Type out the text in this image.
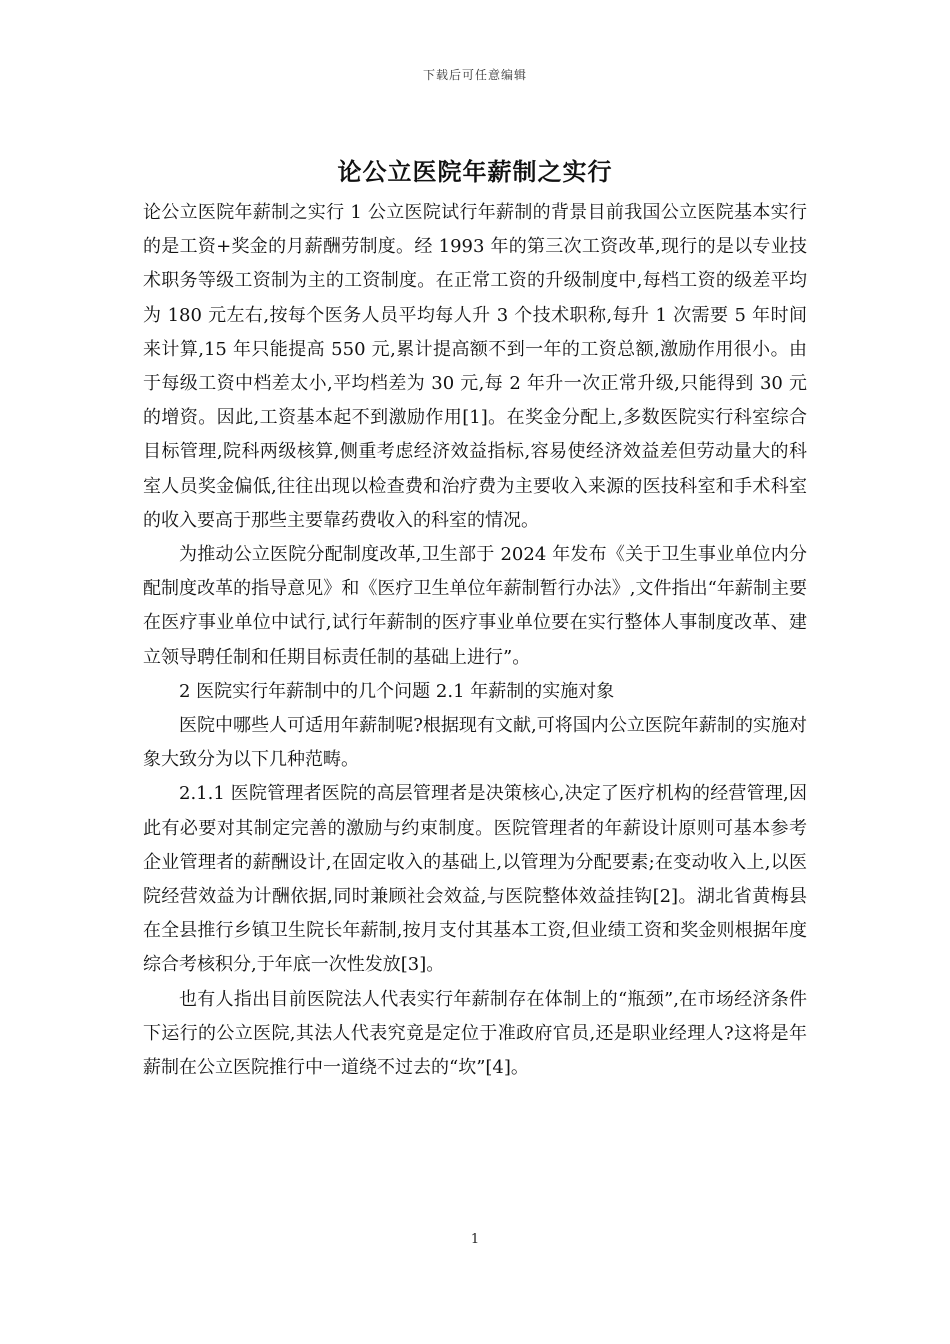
下载后可任意编辑
论公立医院年薪制之实行

论公立医院年薪制之实行 1 公立医院试行年薪制的背景目前我国公立医院基本实行的是工资+奖金的月薪酬劳制度。经 1993 年的第三次工资改革,现行的是以专业技术职务等级工资制为主的工资制度。在正常工资的升级制度中,每档工资的级差平均为 180 元左右,按每个医务人员平均每人升 3 个技术职称,每升 1 次需要 5 年时间来计算,15 年只能提高 550 元,累计提高额不到一年的工资总额,激励作用很小。由于每级工资中档差太小,平均档差为 30 元,每 2 年升一次正常升级,只能得到 30 元的增资。因此,工资基本起不到激励作用[1]。在奖金分配上,多数医院实行科室综合目标管理,院科两级核算,侧重考虑经济效益指标,容易使经济效益差但劳动量大的科室人员奖金偏低,往往出现以检查费和治疗费为主要收入来源的医技科室和手术科室的收入要高于那些主要靠药费收入的科室的情况。

为推动公立医院分配制度改革,卫生部于 2024 年发布《关于卫生事业单位内分配制度改革的指导意见》和《医疗卫生单位年薪制暂行办法》,文件指出“年薪制主要在医疗事业单位中试行,试行年薪制的医疗事业单位要在实行整体人事制度改革、建立领导聘任制和任期目标责任制的基础上进行”。

2 医院实行年薪制中的几个问题 2.1 年薪制的实施对象

医院中哪些人可适用年薪制呢?根据现有文献,可将国内公立医院年薪制的实施对象大致分为以下几种范畴。

2.1.1 医院管理者医院的高层管理者是决策核心,决定了医疗机构的经营管理,因此有必要对其制定完善的激励与约束制度。医院管理者的年薪设计原则可基本参考企业管理者的薪酬设计,在固定收入的基础上,以管理为分配要素;在变动收入上,以医院经营效益为计酬依据,同时兼顾社会效益,与医院整体效益挂钩[2]。湖北省黄梅县在全县推行乡镇卫生院长年薪制,按月支付其基本工资,但业绩工资和奖金则根据年度综合考核积分,于年底一次性发放[3]。

也有人指出目前医院法人代表实行年薪制存在体制上的“瓶颈”,在市场经济条件下运行的公立医院,其法人代表究竟是定位于准政府官员,还是职业经理人?这将是年薪制在公立医院推行中一道绕不过去的“坎”[4]。

1
